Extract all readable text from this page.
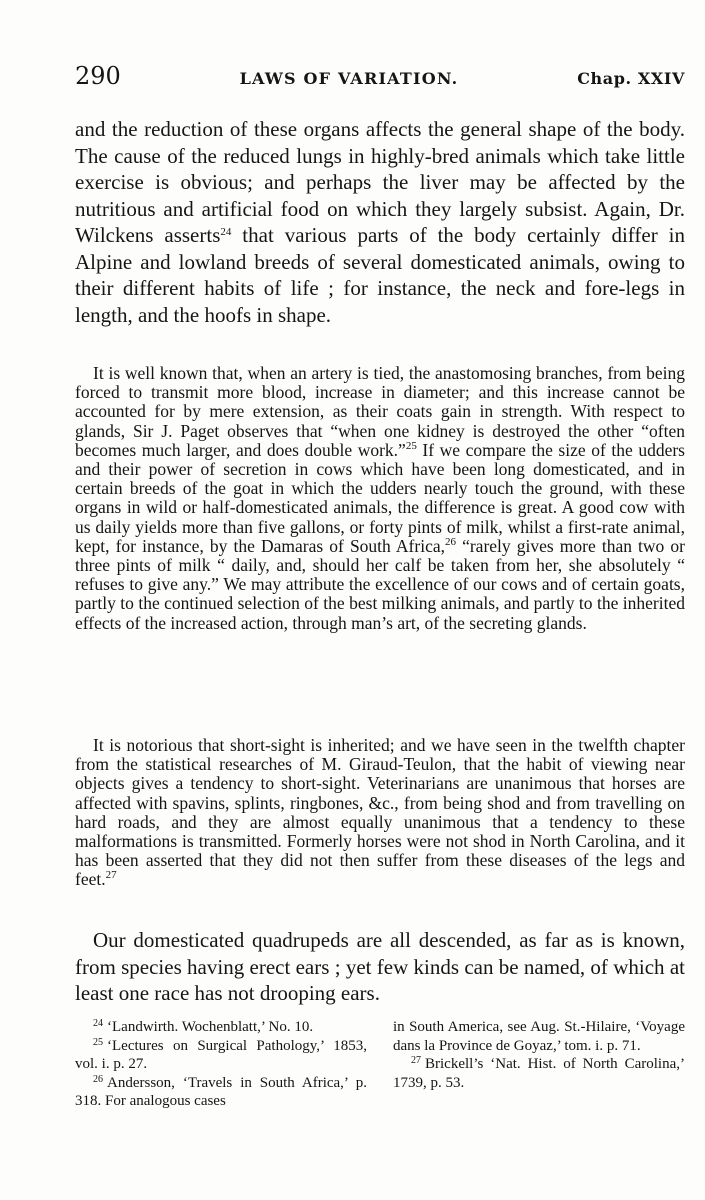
290	LAWS OF VARIATION.	Chap. XXIV

and the reduction of these organs affects the general shape of the body. The cause of the reduced lungs in highly-bred animals which take little exercise is obvious; and perhaps the liver may be affected by the nutritious and artificial food on which they largely subsist. Again, Dr. Wilckens asserts$^{24}$ that various parts of the body certainly differ in Alpine and lowland breeds of several domesticated animals, owing to their different habits of life ; for instance, the neck and fore-legs in length, and the hoofs in shape.

It is well known that, when an artery is tied, the anastomosing branches, from being forced to transmit more blood, increase in diameter; and this increase cannot be accounted for by mere extension, as their coats gain in strength. With respect to glands, Sir J. Paget observes that “when one kidney is destroyed the other “often becomes much larger, and does double work.”$^{25}$ If we compare the size of the udders and their power of secretion in cows which have been long domesticated, and in certain breeds of the goat in which the udders nearly touch the ground, with these organs in wild or half-domesticated animals, the difference is great. A good cow with us daily yields more than five gallons, or forty pints of milk, whilst a first-rate animal, kept, for instance, by the Damaras of South Africa,$^{26}$ “rarely gives more than two or three pints of milk “ daily, and, should her calf be taken from her, she absolutely “ refuses to give any.” We may attribute the excellence of our cows and of certain goats, partly to the continued selection of the best milking animals, and partly to the inherited effects of the increased action, through man’s art, of the secreting glands.

It is notorious that short-sight is inherited; and we have seen in the twelfth chapter from the statistical researches of M. Giraud-Teulon, that the habit of viewing near objects gives a tendency to short-sight. Veterinarians are unanimous that horses are affected with spavins, splints, ringbones, &c., from being shod and from travelling on hard roads, and they are almost equally unanimous that a tendency to these malformations is transmitted. Formerly horses were not shod in North Carolina, and it has been asserted that they did not then suffer from these diseases of the legs and feet.$^{27}$

Our domesticated quadrupeds are all descended, as far as is known, from species having erect ears ; yet few kinds can be named, of which at least one race has not drooping ears.

$^{24}$ ‘Landwirth. Wochenblatt,’ No. 10.

$^{25}$ ‘Lectures on Surgical Pathology,’ 1853, vol. i. p. 27.

$^{26}$ Andersson, ‘Travels in South Africa,’ p. 318. For analogous cases

in South America, see Aug. St.-Hilaire, ‘Voyage dans la Province de Goyaz,’ tom. i. p. 71.

$^{27}$ Brickell’s ‘Nat. Hist. of North Carolina,’ 1739, p. 53.
